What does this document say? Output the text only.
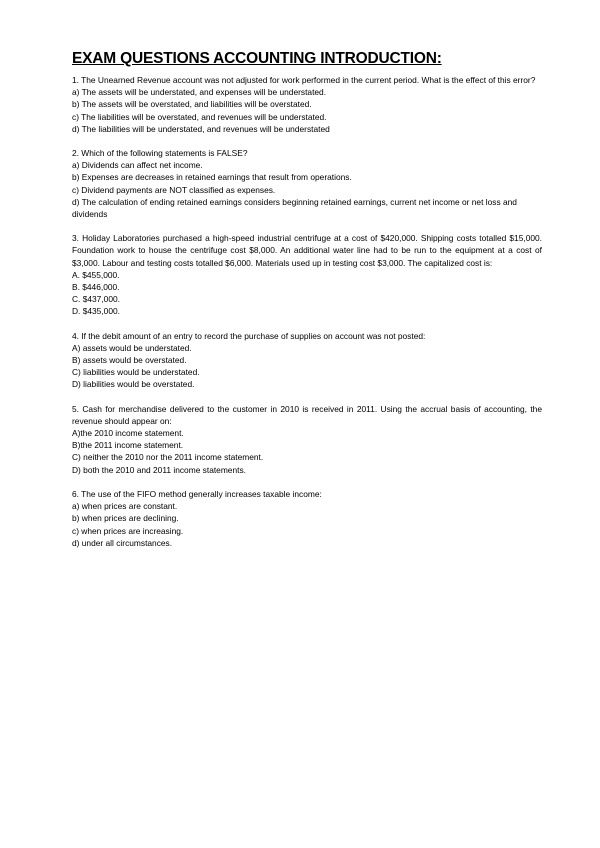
EXAM QUESTIONS ACCOUNTING INTRODUCTION:

1. The Unearned Revenue account was not adjusted for work performed in the current period. What is the effect of this error?

a) The assets will be understated, and expenses will be understated.

b) The assets will be overstated, and liabilities will be overstated.

c) The liabilities will be overstated, and revenues will be understated.

d) The liabilities will be understated, and revenues will be understated

2. Which of the following statements is FALSE?

a) Dividends can affect net income.

b) Expenses are decreases in retained earnings that result from operations.

c) Dividend payments are NOT classified as expenses.

d) The calculation of ending retained earnings considers beginning retained earnings, current net income or net loss and dividends

3. Holiday Laboratories purchased a high-speed industrial centrifuge at a cost of $420,000. Shipping costs totalled $15,000. Foundation work to house the centrifuge cost $8,000. An additional water line had to be run to the equipment at a cost of $3,000. Labour and testing costs totalled $6,000. Materials used up in testing cost $3,000. The capitalized cost is:

A. $455,000.

B. $446,000.

C. $437,000.

D. $435,000.

4. If the debit amount of an entry to record the purchase of supplies on account was not posted:

A) assets would be understated.

B) assets would be overstated.

C) liabilities would be understated.

D) liabilities would be overstated.

5. Cash for merchandise delivered to the customer in 2010 is received in 2011. Using the accrual basis of accounting, the revenue should appear on:

A)the 2010 income statement.

B)the 2011 income statement.

C) neither the 2010 nor the 2011 income statement.

D) both the 2010 and 2011 income statements.

6. The use of the FIFO method generally increases taxable income:

a) when prices are constant.

b) when prices are declining.

c) when prices are increasing.

d) under all circumstances.
